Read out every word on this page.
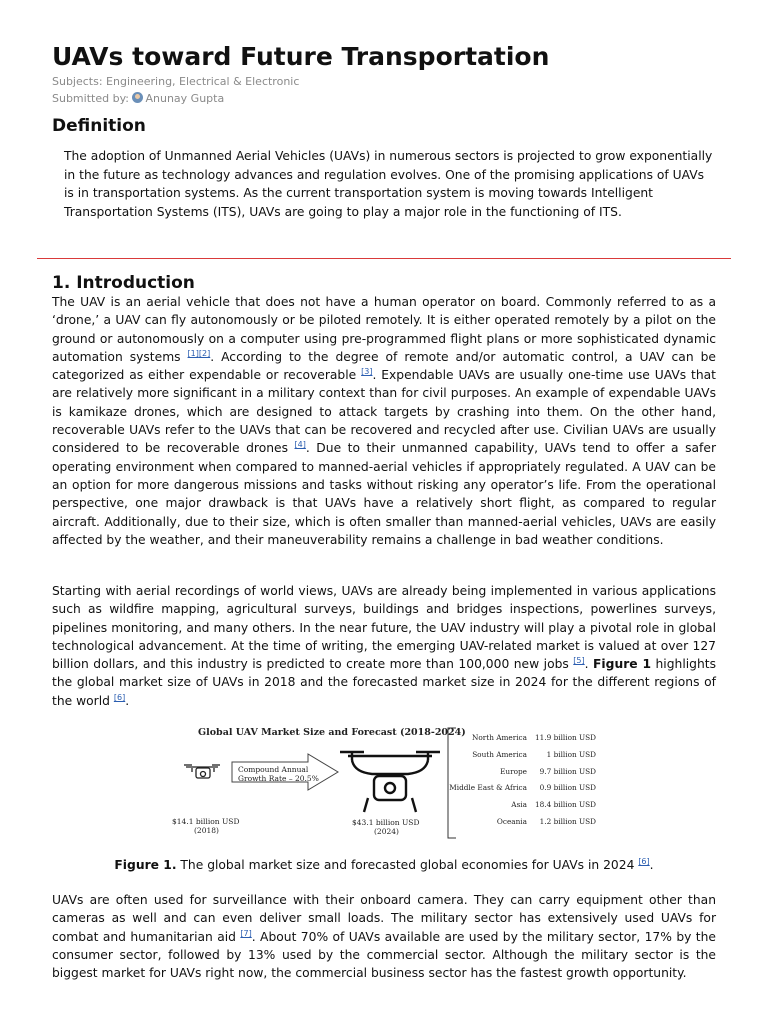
UAVs toward Future Transportation
Subjects: Engineering, Electrical & Electronic
Submitted by: Anunay Gupta
Definition
The adoption of Unmanned Aerial Vehicles (UAVs) in numerous sectors is projected to grow exponentially in the future as technology advances and regulation evolves. One of the promising applications of UAVs is in transportation systems. As the current transportation system is moving towards Intelligent Transportation Systems (ITS), UAVs are going to play a major role in the functioning of ITS.
1. Introduction

The UAV is an aerial vehicle that does not have a human operator on board. Commonly referred to as a ‘drone,’ a UAV can fly autonomously or be piloted remotely. It is either operated remotely by a pilot on the ground or autonomously on a computer using pre-programmed flight plans or more sophisticated dynamic automation systems [1][2]. According to the degree of remote and/or automatic control, a UAV can be categorized as either expendable or recoverable [3]. Expendable UAVs are usually one-time use UAVs that are relatively more significant in a military context than for civil purposes. An example of expendable UAVs is kamikaze drones, which are designed to attack targets by crashing into them. On the other hand, recoverable UAVs refer to the UAVs that can be recovered and recycled after use. Civilian UAVs are usually considered to be recoverable drones [4]. Due to their unmanned capability, UAVs tend to offer a safer operating environment when compared to manned-aerial vehicles if appropriately regulated. A UAV can be an option for more dangerous missions and tasks without risking any operator’s life. From the operational perspective, one major drawback is that UAVs have a relatively short flight, as compared to regular aircraft. Additionally, due to their size, which is often smaller than manned-aerial vehicles, UAVs are easily affected by the weather, and their maneuverability remains a challenge in bad weather conditions.

Starting with aerial recordings of world views, UAVs are already being implemented in various applications such as wildfire mapping, agricultural surveys, buildings and bridges inspections, powerlines surveys, pipelines monitoring, and many others. In the near future, the UAV industry will play a pivotal role in global technological advancement. At the time of writing, the emerging UAV-related market is valued at over 127 billion dollars, and this industry is predicted to create more than 100,000 new jobs [5]. Figure 1 highlights the global market size of UAVs in 2018 and the forecasted market size in 2024 for the different regions of the world [6].

Global UAV Market Size and Forecast (2018-2024)
Compound Annual
Growth Rate – 20.5%
$14.1 billion USD
(2018)
$43.1 billion USD
(2024)
North America 11.9 billion USD
South America	1 billion USD
Europe 9.7 billion USD
Middle East & Africa 0.9 billion USD
Asia 18.4 billion USD
Oceania 1.2 billion USD
Figure 1. The global market size and forecasted global economies for UAVs in 2024 [6].

UAVs are often used for surveillance with their onboard camera. They can carry equipment other than cameras as well and can even deliver small loads. The military sector has extensively used UAVs for combat and humanitarian aid [7]. About 70% of UAVs available are used by the military sector, 17% by the consumer sector, followed by 13% used by the commercial sector. Although the military sector is the biggest market for UAVs right now, the commercial business sector has the fastest growth opportunity.
